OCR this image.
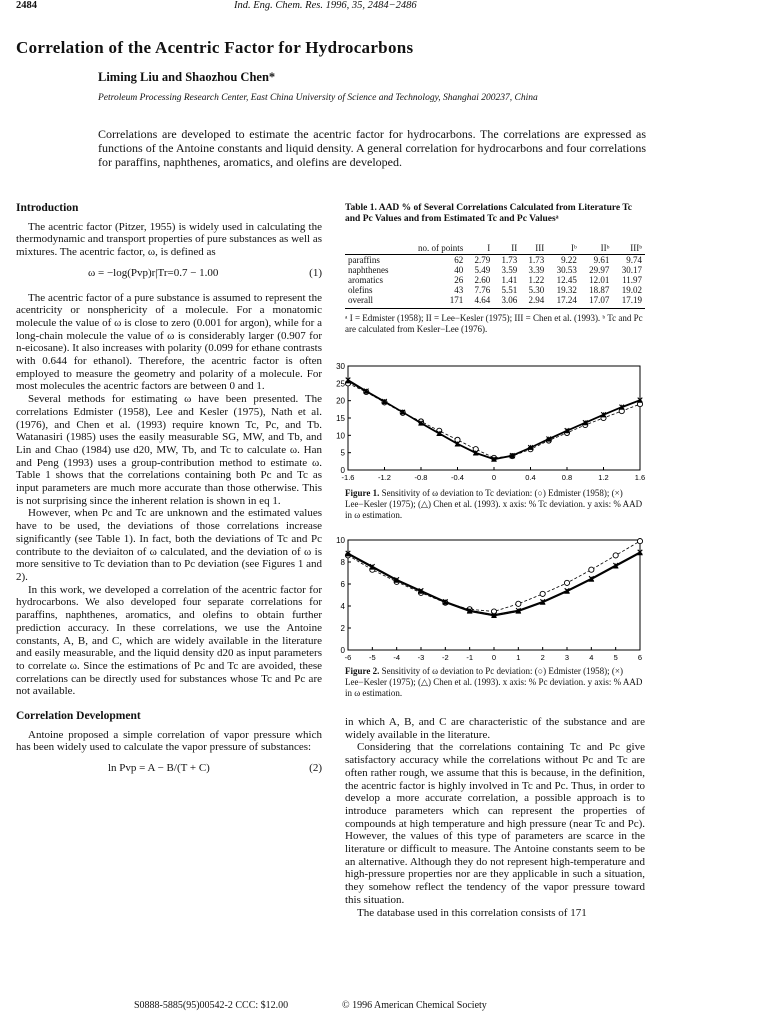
2484	Ind. Eng. Chem. Res. 1996, 35, 2484−2486
Correlation of the Acentric Factor for Hydrocarbons
Liming Liu and Shaozhou Chen*
Petroleum Processing Research Center, East China University of Science and Technology, Shanghai 200237, China
Correlations are developed to estimate the acentric factor for hydrocarbons. The correlations are expressed as functions of the Antoine constants and liquid density. A general correlation for hydrocarbons and four correlations for paraffins, naphthenes, aromatics, and olefins are developed.

Introduction

The acentric factor (Pitzer, 1955) is widely used in calculating the thermodynamic and transport properties of pure substances as well as mixtures. The acentric factor, ω, is defined as

ω = −log(Pvp)r|Tr=0.7 − 1.00	(1)

The acentric factor of a pure substance is assumed to represent the acentricity or nonsphericity of a molecule. For a monatomic molecule the value of ω is close to zero (0.001 for argon), while for a long-chain molecule the value of ω is considerably larger (0.907 for n-eicosane). It also increases with polarity (0.099 for ethane contrasts with 0.644 for ethanol). Therefore, the acentric factor is often employed to measure the geometry and polarity of a molecule. For most molecules the acentric factors are between 0 and 1.

Several methods for estimating ω have been presented. The correlations Edmister (1958), Lee and Kesler (1975), Nath et al. (1976), and Chen et al. (1993) require known Tc, Pc, and Tb. Watanasiri (1985) uses the easily measurable SG, MW, and Tb, and Lin and Chao (1984) use d20, MW, Tb, and Tc to calculate ω. Han and Peng (1993) uses a group-contribution method to estimate ω. Table 1 shows that the correlations containing both Pc and Tc as input parameters are much more accurate than those otherwise. This is not surprising since the inherent relation is shown in eq 1.

However, when Pc and Tc are unknown and the estimated values have to be used, the deviations of those correlations increase significantly (see Table 1). In fact, both the deviations of Tc and Pc contribute to the deviaiton of ω calculated, and the deviation of ω is more sensitive to Tc deviation than to Pc deviation (see Figures 1 and 2).

In this work, we developed a correlation of the acentric factor for hydrocarbons. We also developed four separate correlations for paraffins, naphthenes, aromatics, and olefins to obtain further prediction accuracy. In these correlations, we use the Antoine constants, A, B, and C, which are widely available in the literature and easily measurable, and the liquid density d20 as input parameters to correlate ω. Since the estimations of Pc and Tc are avoided, these correlations can be directly used for substances whose Tc and Pc are not available.

Correlation Development

Antoine proposed a simple correlation of vapor pressure which has been widely used to calculate the vapor pressure of substances:

ln Pvp = A − B/(T + C)	(2)
Table 1. AAD % of Several Correlations Calculated from Literature Tc and Pc Values and from Estimated Tc and Pc Valuesᵃ
	no. of points	I	II	III	Iᵇ	IIᵇ	IIIᵇ
paraffins	62	2.79	1.73	1.73	9.22	9.61	9.74
naphthenes	40	5.49	3.59	3.39	30.53	29.97	30.17
aromatics	26	2.60	1.41	1.22	12.45	12.01	11.97
olefins	43	7.76	5.51	5.30	19.32	18.87	19.02
overall	171	4.64	3.06	2.94	17.24	17.07	17.19
ᵃ I = Edmister (1958); II = Lee−Kesler (1975); III = Chen et al. (1993). ᵇ Tc and Pc are calculated from Kesler−Lee (1976).
0
5
10
15
20
25
30
-1.6	-1.2	-0.8	-0.4	0	0.4	0.8	1.2	1.6
Figure 1. Sensitivity of ω deviation to Tc deviation: (○) Edmister (1958); (×) Lee−Kesler (1975); (△) Chen et al. (1993). x axis: % Tc deviation. y axis: % AAD in ω estimation.
0
2
4
6
8
10
-6 -5 -4 -3 -2 -1	0	1	2	3	4	5	6
Figure 2. Sensitivity of ω deviation to Pc deviation: (○) Edmister (1958); (×) Lee−Kesler (1975); (△) Chen et al. (1993). x axis: % Pc deviation. y axis: % AAD in ω estimation.

in which A, B, and C are characteristic of the substance and are widely available in the literature.

Considering that the correlations containing Tc and Pc give satisfactory accuracy while the correlations without Pc and Tc are often rather rough, we assume that this is because, in the definition, the acentric factor is highly involved in Tc and Pc. Thus, in order to develop a more accurate correlation, a possible approach is to introduce parameters which can represent the properties of compounds at high temperature and high pressure (near Tc and Pc). However, the values of this type of parameters are scarce in the literature or difficult to measure. The Antoine constants seem to be an alternative. Although they do not represent high-temperature and high-pressure properties nor are they applicable in such a situation, they somehow reflect the tendency of the vapor pressure toward this situation.

The database used in this correlation consists of 171

S0888-5885(95)00542-2 CCC: $12.00	© 1996 American Chemical Society
